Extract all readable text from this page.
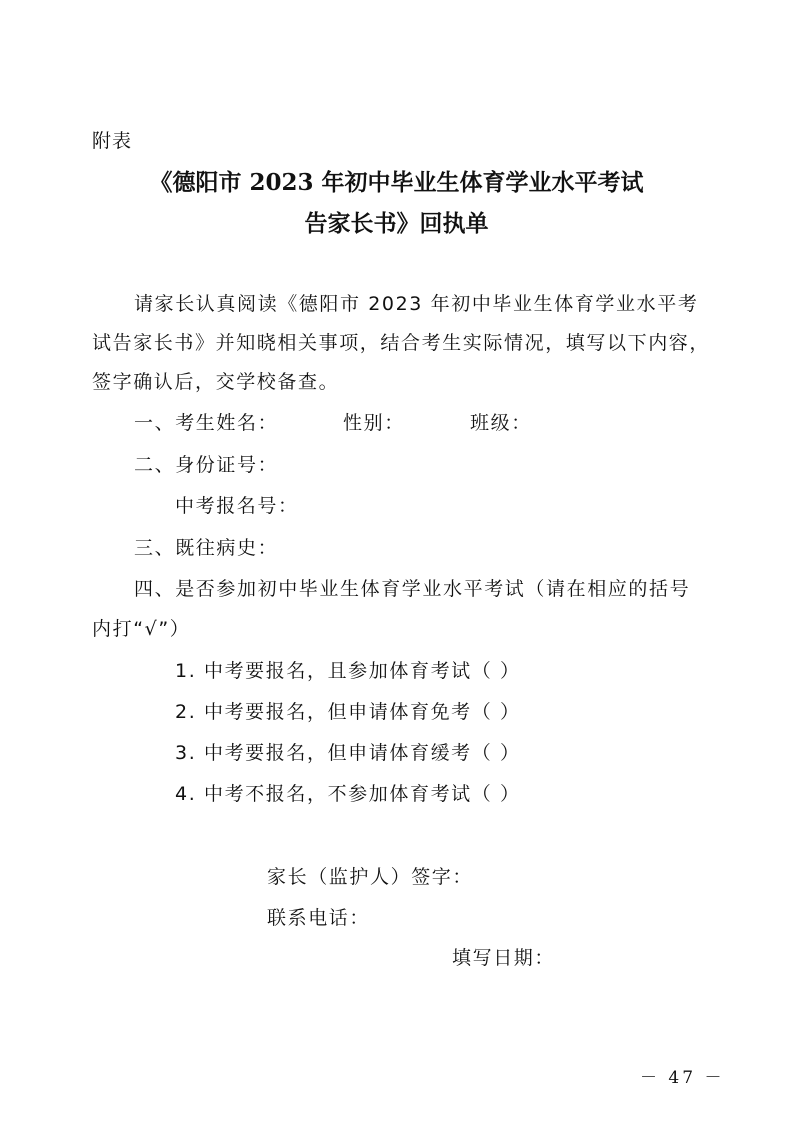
附表
《德阳市 2023 年初中毕业生体育学业水平考试
告家长书》回执单
请家长认真阅读《德阳市 2023 年初中毕业生体育学业水平考
试告家长书》并知晓相关事项，结合考生实际情况，填写以下内容，
签字确认后，交学校备查。
一、考生姓名：	性别：	班级：
二、身份证号：
中考报名号：
三、既往病史：
四、是否参加初中毕业生体育学业水平考试（请在相应的括号
内打“√”）
1. 中考要报名，且参加体育考试（ ）
2. 中考要报名，但申请体育免考（ ）
3. 中考要报名，但申请体育缓考（ ）
4. 中考不报名，不参加体育考试（ ）
家长（监护人）签字：
联系电话：
填写日期：
－ 47 －
